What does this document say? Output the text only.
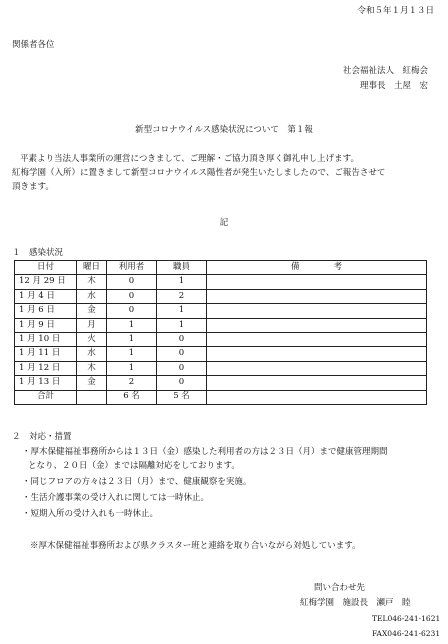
令和５年１月１３日
関係者各位
社会福祉法人　紅梅会
理事長　土屋　宏
新型コロナウイルス感染状況について　第１報
平素より当法人事業所の運営につきまして、ご理解・ご協力頂き厚く御礼申し上げます。
紅梅学園（入所）に置きまして新型コロナウイルス陽性者が発生いたしましたので、ご報告させて
頂きます。
記
１　感染状況
日付	曜日	利用者	職員	備　　　　考
12 月 29 日	木	0	1	
1 月 4 日	水	0	2	
1 月 6 日	金	0	1	
1 月 9 日	月	1	1	
1 月 10 日	火	1	0	
1 月 11 日	水	1	0	
1 月 12 日	木	1	0	
1 月 13 日	金	2	0	
合計		6 名	5 名	
２　対応・措置
・厚木保健福祉事務所からは１３日（金）感染した利用者の方は２３日（月）まで健康管理期間
となり、２０日（金）までは隔離対応をしております。
・同じフロアの方々は２３日（月）まで、健康観察を実施。
・生活介護事業の受け入れに関しては一時休止。
・短期入所の受け入れも一時休止。
※厚木保健福祉事務所および県クラスター班と連絡を取り合いながら対処しています。
問い合わせ先
紅梅学園　施設長　瀬戸　睦
TEL046-241-1621
FAX046-241-6231
